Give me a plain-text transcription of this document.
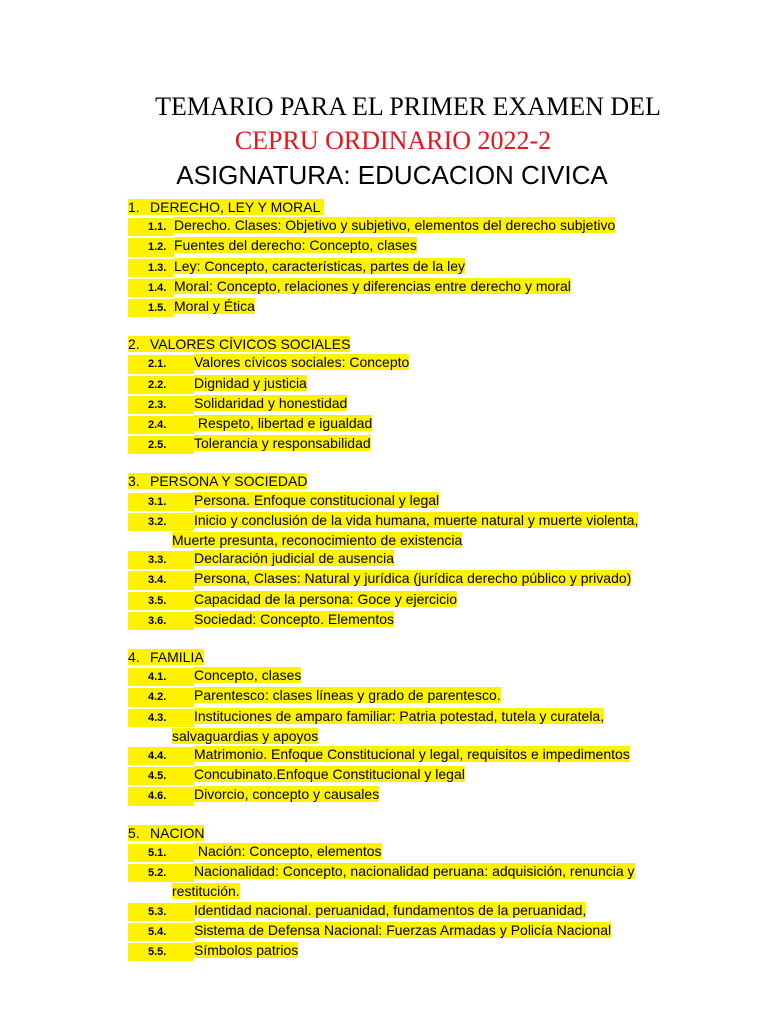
TEMARIO PARA EL PRIMER EXAMEN DEL
CEPRU ORDINARIO 2022-2
ASIGNATURA: EDUCACION CIVICA
1. DERECHO, LEY Y MORAL
1.1. Derecho. Clases: Objetivo y subjetivo, elementos del derecho subjetivo
1.2. Fuentes del derecho: Concepto, clases
1.3. Ley: Concepto, características, partes de la ley
1.4. Moral: Concepto, relaciones y diferencias entre derecho y moral
1.5. Moral y Ética
2. VALORES CÍVICOS SOCIALES
2.1. Valores cívicos sociales: Concepto
2.2. Dignidad y justicia
2.3. Solidaridad y honestidad
2.4. Respeto, libertad e igualdad
2.5. Tolerancia y responsabilidad
3. PERSONA Y SOCIEDAD
3.1. Persona. Enfoque constitucional y legal
3.2. Inicio y conclusión de la vida humana, muerte natural y muerte violenta,
Muerte presunta, reconocimiento de existencia
3.3. Declaración judicial de ausencia
3.4. Persona, Clases: Natural y jurídica (jurídica derecho público y privado)
3.5. Capacidad de la persona: Goce y ejercicio
3.6. Sociedad: Concepto. Elementos
4. FAMILIA
4.1. Concepto, clases
4.2. Parentesco: clases líneas y grado de parentesco.
4.3. Instituciones de amparo familiar: Patria potestad, tutela y curatela,
salvaguardias y apoyos
4.4. Matrimonio. Enfoque Constitucional y legal, requisitos e impedimentos
4.5. Concubinato.Enfoque Constitucional y legal
4.6. Divorcio, concepto y causales
5. NACION
5.1. Nación: Concepto, elementos
5.2. Nacionalidad: Concepto, nacionalidad peruana: adquisición, renuncia y
restitución.
5.3. Identidad nacional. peruanidad, fundamentos de la peruanidad,
5.4. Sistema de Defensa Nacional: Fuerzas Armadas y Policía Nacional
5.5. Símbolos patrios
